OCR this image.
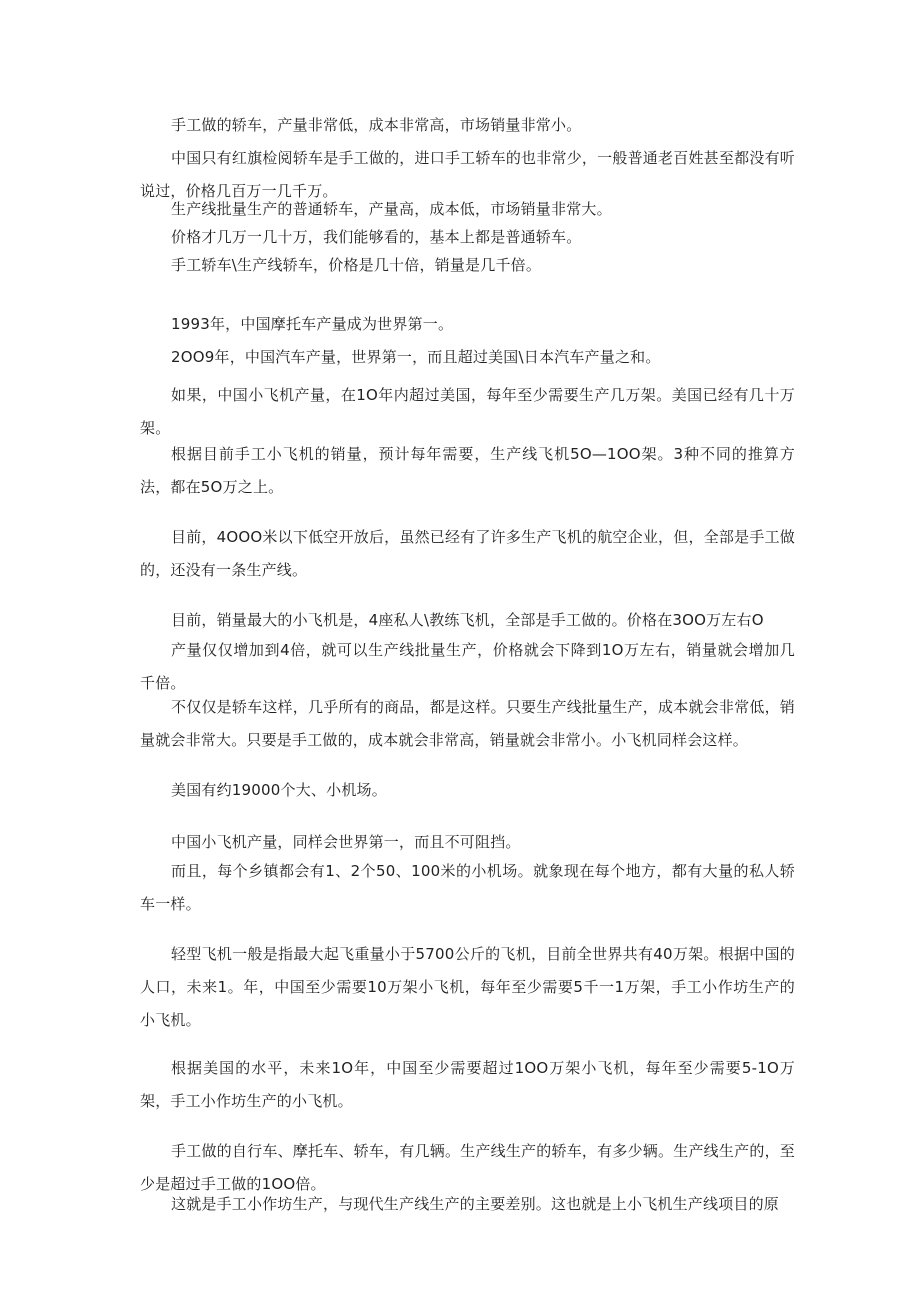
手工做的轿车，产量非常低，成本非常高，市场销量非常小。

中国只有红旗检阅轿车是手工做的，进口手工轿车的也非常少，一般普通老百姓甚至都没有听说过，价格几百万一几千万。

生产线批量生产的普通轿车，产量高，成本低，市场销量非常大。

价格才几万一几十万，我们能够看的，基本上都是普通轿车。

手工轿车\生产线轿车，价格是几十倍，销量是几千倍。

1993年，中国摩托车产量成为世界第一。

2OO9年，中国汽车产量，世界第一，而且超过美国\日本汽车产量之和。

如果，中国小飞机产量，在1O年内超过美国，每年至少需要生产几万架。美国已经有几十万架。

根据目前手工小飞机的销量，预计每年需要，生产线飞机5O—1OO架。3种不同的推算方法，都在5O万之上。

目前，4OOO米以下低空开放后，虽然已经有了许多生产飞机的航空企业，但，全部是手工做的，还没有一条生产线。

目前，销量最大的小飞机是，4座私人\教练飞机，全部是手工做的。价格在3OO万左右O

产量仅仅增加到4倍，就可以生产线批量生产，价格就会下降到1O万左右，销量就会增加几千倍。

不仅仅是轿车这样，几乎所有的商品，都是这样。只要生产线批量生产，成本就会非常低，销量就会非常大。只要是手工做的，成本就会非常高，销量就会非常小。小飞机同样会这样。

美国有约19000个大、小机场。

中国小飞机产量，同样会世界第一，而且不可阻挡。

而且，每个乡镇都会有1、2个50、100米的小机场。就象现在每个地方，都有大量的私人轿车一样。

轻型飞机一般是指最大起飞重量小于5700公斤的飞机，目前全世界共有40万架。根据中国的人口，未来1。年，中国至少需要10万架小飞机，每年至少需要5千一1万架，手工小作坊生产的小飞机。

根据美国的水平，未来1O年，中国至少需要超过1OO万架小飞机，每年至少需要5-1O万架，手工小作坊生产的小飞机。

手工做的自行车、摩托车、轿车，有几辆。生产线生产的轿车，有多少辆。生产线生产的，至少是超过手工做的1OO倍。

这就是手工小作坊生产，与现代生产线生产的主要差别。这也就是上小飞机生产线项目的原
